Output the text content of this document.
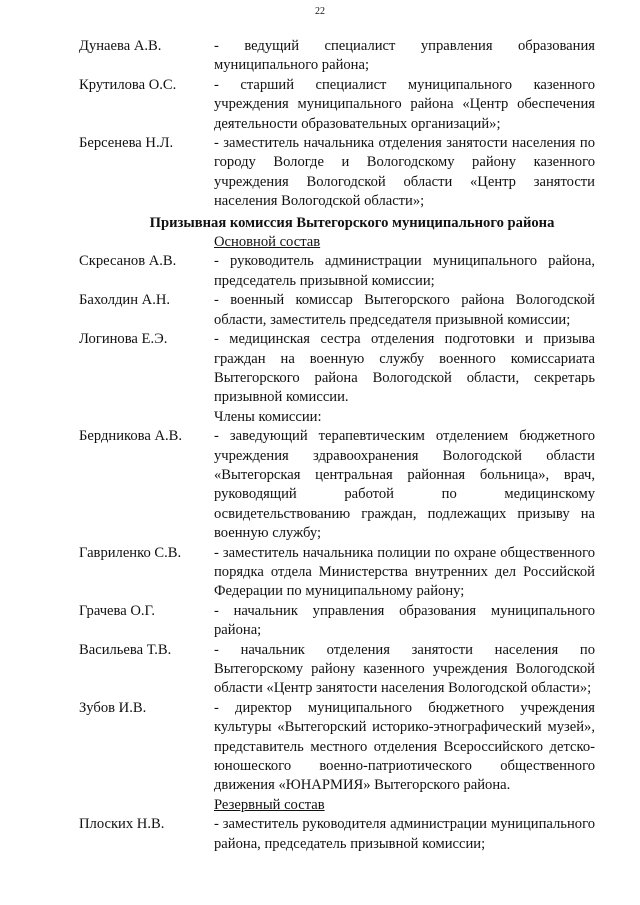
22
Дунаева А.В.	- ведущий специалист управления образования муниципального района;
Крутилова О.С.	- старший специалист муниципального казенного учреждения муниципального района «Центр обеспечения деятельности образовательных организаций»;
Берсенева Н.Л.	- заместитель начальника отделения занятости населения по городу Вологде и Вологодскому району казенного учреждения Вологодской области «Центр занятости населения Вологодской области»;
Призывная комиссия Вытегорского муниципального района
Основной состав
Скресанов А.В.	- руководитель администрации муниципального района, председатель призывной комиссии;
Бахолдин А.Н.	- военный комиссар Вытегорского района Вологодской области, заместитель председателя призывной комиссии;
Логинова Е.Э.	- медицинская сестра отделения подготовки и призыва граждан на военную службу военного комиссариата Вытегорского района Вологодской области, секретарь призывной комиссии.
Члены комиссии:
Бердникова А.В.	- заведующий терапевтическим отделением бюджетного учреждения здравоохранения Вологодской области «Вытегорская центральная районная больница», врач, руководящий работой по медицинскому освидетельствованию граждан, подлежащих призыву на военную службу;
Гавриленко С.В.	- заместитель начальника полиции по охране общественного порядка отдела Министерства внутренних дел Российской Федерации по муниципальному району;
Грачева О.Г.	- начальник управления образования муниципального района;
Васильева Т.В.	- начальник отделения занятости населения по Вытегорскому району казенного учреждения Вологодской области «Центр занятости населения Вологодской области»;
Зубов И.В.	- директор муниципального бюджетного учреждения культуры «Вытегорский историко-этнографический музей», представитель местного отделения Всероссийского детско-юношеского военно-патриотического общественного движения «ЮНАРМИЯ» Вытегорского района.
Резервный состав
Плоских Н.В.	- заместитель руководителя администрации муниципального района, председатель призывной комиссии;
